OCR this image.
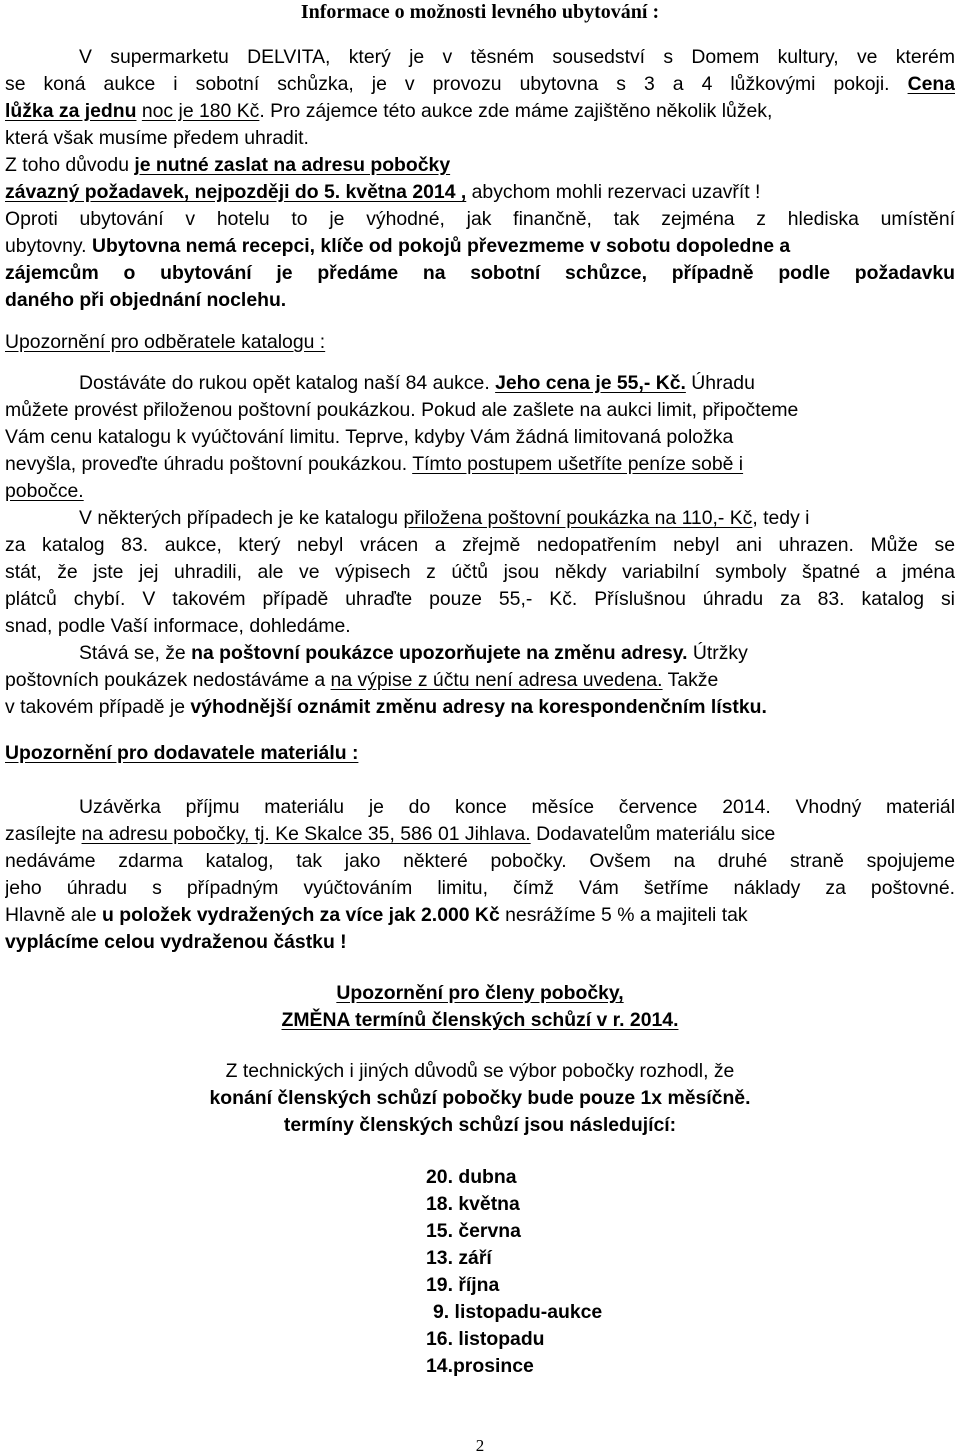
Informace o možnosti levného ubytování :
V supermarketu DELVITA, který je v těsném sousedství s Domem kultury, ve kterém
se koná aukce i sobotní schůzka, je v provozu ubytovna s 3 a 4 lůžkovými pokoji. Cena
lůžka za jednu noc je 180 Kč. Pro zájemce této aukce zde máme zajištěno několik lůžek,
která však musíme předem uhradit.
Z toho důvodu je nutné zaslat na adresu pobočky
závazný požadavek, nejpozději do 5. května 2014 , abychom mohli rezervaci uzavřít !
Oproti ubytování v hotelu to je výhodné, jak finančně, tak zejména z hlediska umístění
ubytovny. Ubytovna nemá recepci, klíče od pokojů převezmeme v sobotu dopoledne a
zájemcům o ubytování je předáme na sobotní schůzce, případně podle požadavku
daného při objednání noclehu.
Upozornění pro odběratele katalogu :
Dostáváte do rukou opět katalog naší 84 aukce. Jeho cena je 55,- Kč. Úhradu
můžete provést přiloženou poštovní poukázkou. Pokud ale zašlete na aukci limit, připočteme
Vám cenu katalogu k vyúčtování limitu. Teprve, kdyby Vám žádná limitovaná položka
nevyšla, proveďte úhradu poštovní poukázkou. Tímto postupem ušetříte peníze sobě i
pobočce.
V některých případech je ke katalogu přiložena poštovní poukázka na 110,- Kč, tedy i
za katalog 83. aukce, který nebyl vrácen a zřejmě nedopatřením nebyl ani uhrazen. Může se
stát, že jste jej uhradili, ale ve výpisech z účtů jsou někdy variabilní symboly špatné a jména
plátců chybí. V takovém případě uhraďte pouze 55,- Kč. Příslušnou úhradu za 83. katalog si
snad, podle Vaší informace, dohledáme.
Stává se, že na poštovní poukázce upozorňujete na změnu adresy. Útržky
poštovních poukázek nedostáváme a na výpise z účtu není adresa uvedena. Takže
v takovém případě je výhodnější oznámit změnu adresy na korespondenčním lístku.
Upozornění pro dodavatele materiálu :
Uzávěrka příjmu materiálu je do konce měsíce července 2014. Vhodný materiál
zasílejte na adresu pobočky, tj. Ke Skalce 35, 586 01 Jihlava. Dodavatelům materiálu sice
nedáváme zdarma katalog, tak jako některé pobočky. Ovšem na druhé straně spojujeme
jeho úhradu s případným vyúčtováním limitu, čímž Vám šetříme náklady za poštovné.
Hlavně ale u položek vydražených za více jak 2.000 Kč nesrážíme 5 % a majiteli tak
vyplácíme celou vydraženou částku !
Upozornění pro členy pobočky,
ZMĚNA termínů členských schůzí v r. 2014.
Z technických i jiných důvodů se výbor pobočky rozhodl, že
konání členských schůzí pobočky bude pouze 1x měsíčně.
termíny členských schůzí jsou následující:
20. dubna
18. května
15. června
13. září
19. října
9. listopadu-aukce
16. listopadu
14.prosince
2
